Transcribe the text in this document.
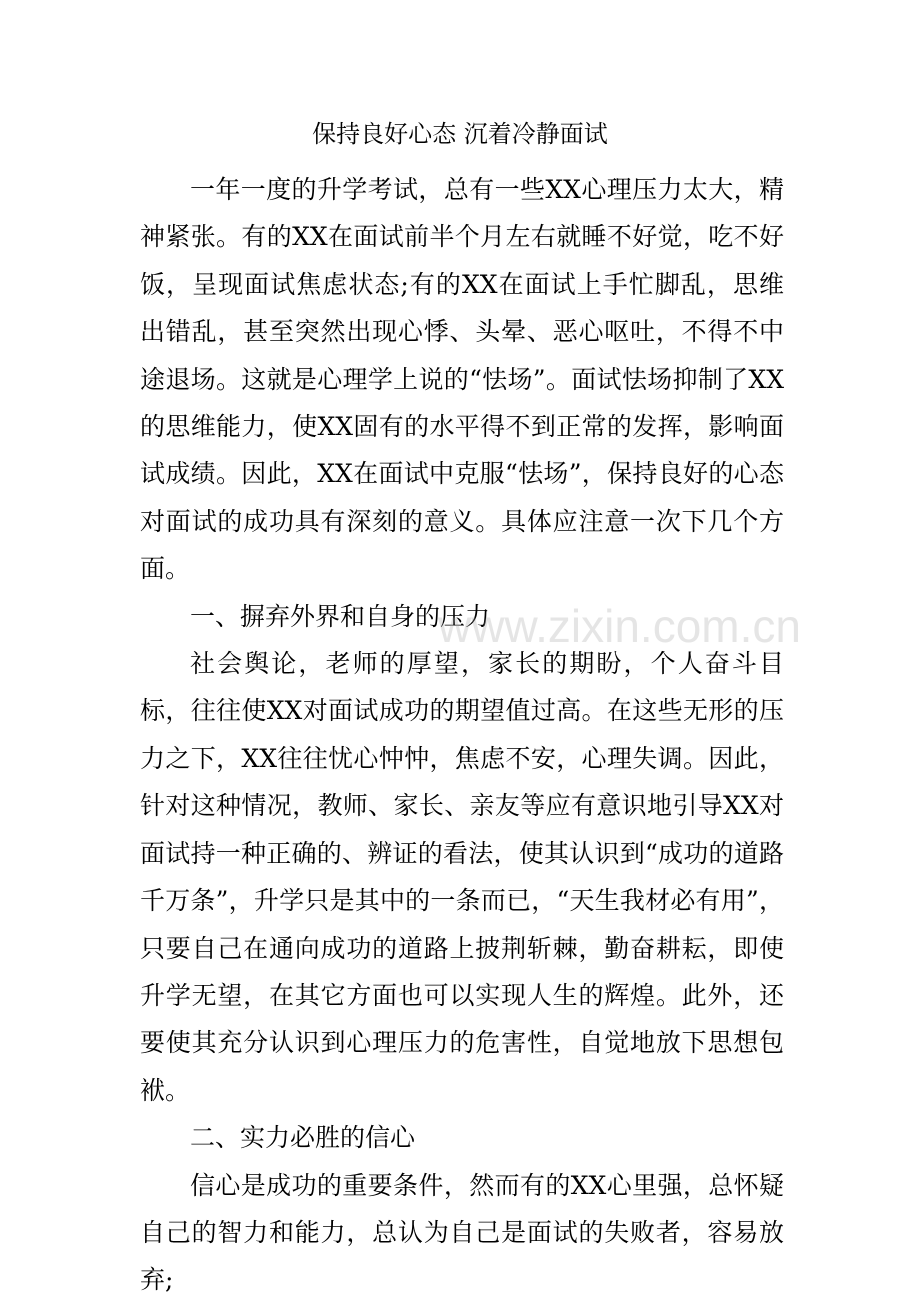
保持良好心态 沉着冷静面试

一年一度的升学考试，总有一些XX心理压力太大，精神紧张。有的XX在面试前半个月左右就睡不好觉，吃不好饭，呈现面试焦虑状态;有的XX在面试上手忙脚乱，思维出错乱，甚至突然出现心悸、头晕、恶心呕吐，不得不中途退场。这就是心理学上说的“怯场”。面试怯场抑制了XX的思维能力，使XX固有的水平得不到正常的发挥，影响面试成绩。因此，XX在面试中克服“怯场”，保持良好的心态对面试的成功具有深刻的意义。具体应注意一次下几个方面。

一、摒弃外界和自身的压力

社会舆论，老师的厚望，家长的期盼，个人奋斗目标，往往使XX对面试成功的期望值过高。在这些无形的压力之下，XX往往忧心忡忡，焦虑不安，心理失调。因此，针对这种情况，教师、家长、亲友等应有意识地引导XX对面试持一种正确的、辨证的看法，使其认识到“成功的道路千万条”，升学只是其中的一条而已，“天生我材必有用”，只要自己在通向成功的道路上披荆斩棘，勤奋耕耘，即使升学无望，在其它方面也可以实现人生的辉煌。此外，还要使其充分认识到心理压力的危害性，自觉地放下思想包袱。

二、实力必胜的信心

信心是成功的重要条件，然而有的XX心里强，总怀疑自己的智力和能力，总认为自己是面试的失败者，容易放弃;

www.zixin.com.cn
